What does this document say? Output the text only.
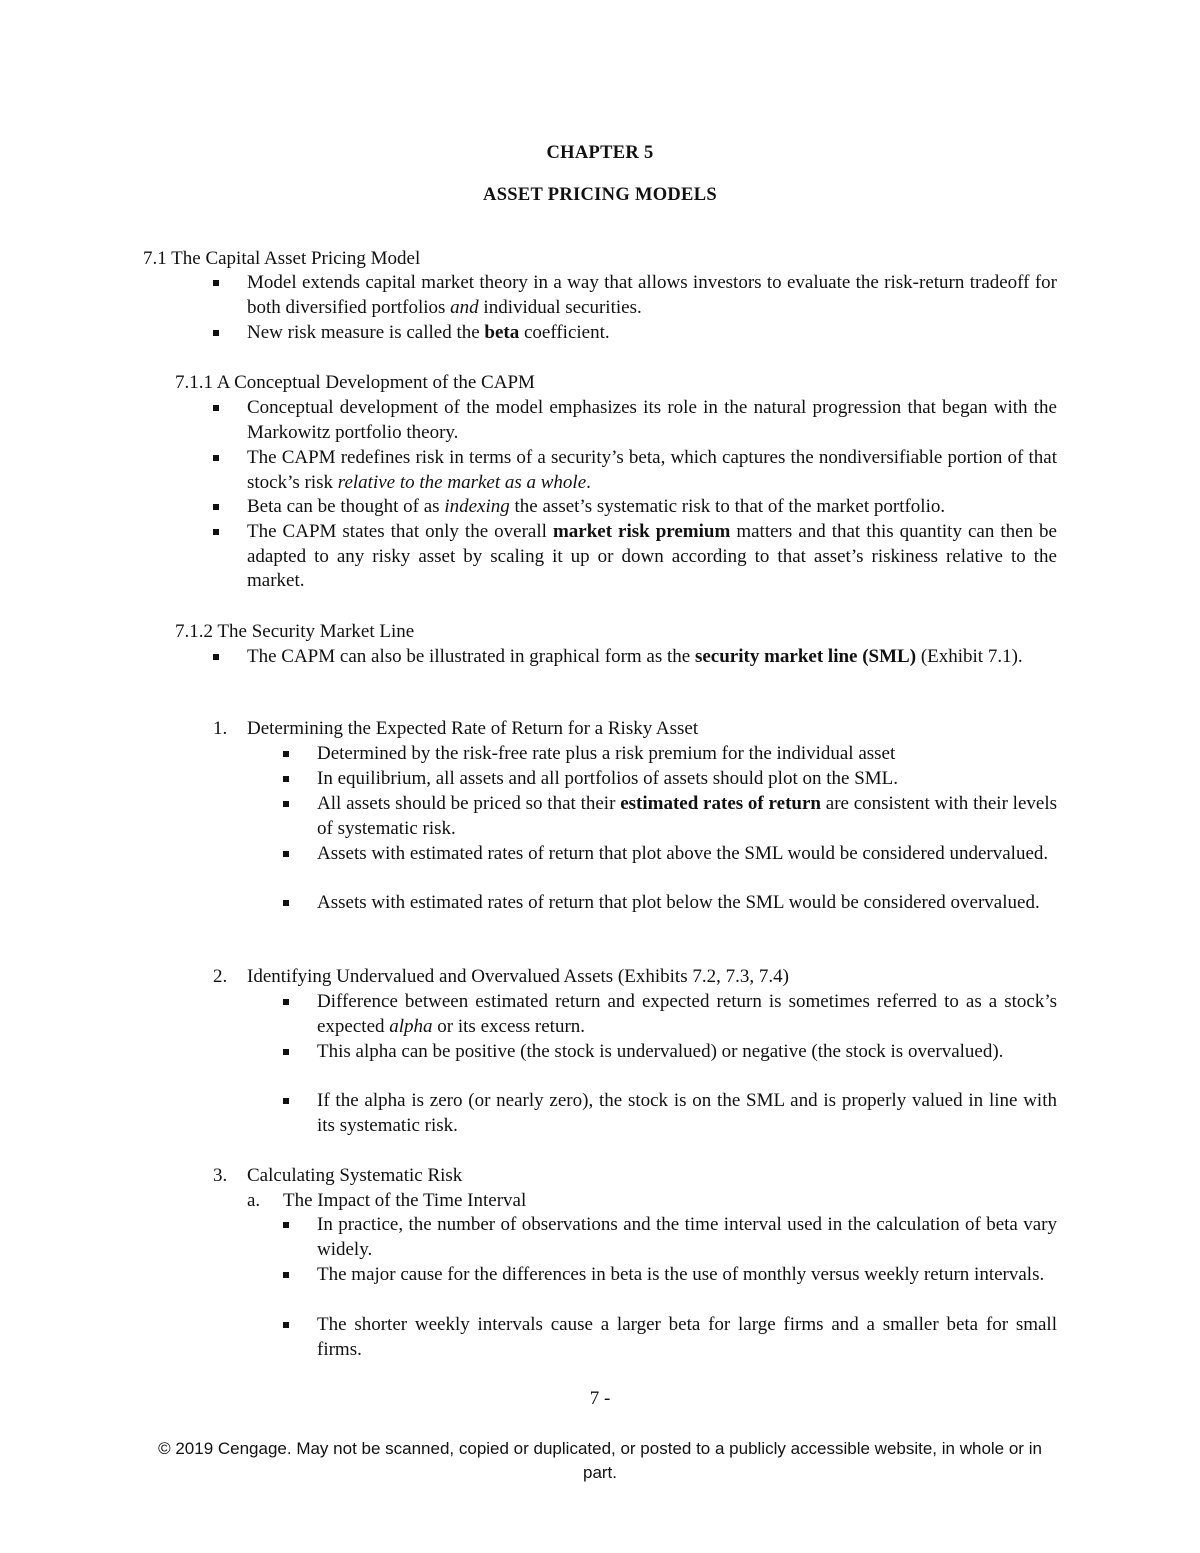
CHAPTER 5
ASSET PRICING MODELS
7.1 The Capital Asset Pricing Model
Model extends capital market theory in a way that allows investors to evaluate the risk-return tradeoff for both diversified portfolios and individual securities.
New risk measure is called the beta coefficient.
7.1.1 A Conceptual Development of the CAPM
Conceptual development of the model emphasizes its role in the natural progression that began with the Markowitz portfolio theory.
The CAPM redefines risk in terms of a security’s beta, which captures the nondiversifiable portion of that stock’s risk relative to the market as a whole.
Beta can be thought of as indexing the asset’s systematic risk to that of the market portfolio.
The CAPM states that only the overall market risk premium matters and that this quantity can then be adapted to any risky asset by scaling it up or down according to that asset’s riskiness relative to the market.
7.1.2 The Security Market Line
The CAPM can also be illustrated in graphical form as the security market line (SML) (Exhibit 7.1).
1. Determining the Expected Rate of Return for a Risky Asset
Determined by the risk-free rate plus a risk premium for the individual asset
In equilibrium, all assets and all portfolios of assets should plot on the SML.
All assets should be priced so that their estimated rates of return are consistent with their levels of systematic risk.
Assets with estimated rates of return that plot above the SML would be considered undervalued.
Assets with estimated rates of return that plot below the SML would be considered overvalued.
2. Identifying Undervalued and Overvalued Assets (Exhibits 7.2, 7.3, 7.4)
Difference between estimated return and expected return is sometimes referred to as a stock’s expected alpha or its excess return.
This alpha can be positive (the stock is undervalued) or negative (the stock is overvalued).
If the alpha is zero (or nearly zero), the stock is on the SML and is properly valued in line with its systematic risk.
3. Calculating Systematic Risk
a. The Impact of the Time Interval
In practice, the number of observations and the time interval used in the calculation of beta vary widely.
The major cause for the differences in beta is the use of monthly versus weekly return intervals.
The shorter weekly intervals cause a larger beta for large firms and a smaller beta for small firms.
7 -
© 2019 Cengage. May not be scanned, copied or duplicated, or posted to a publicly accessible website, in whole or in part.
